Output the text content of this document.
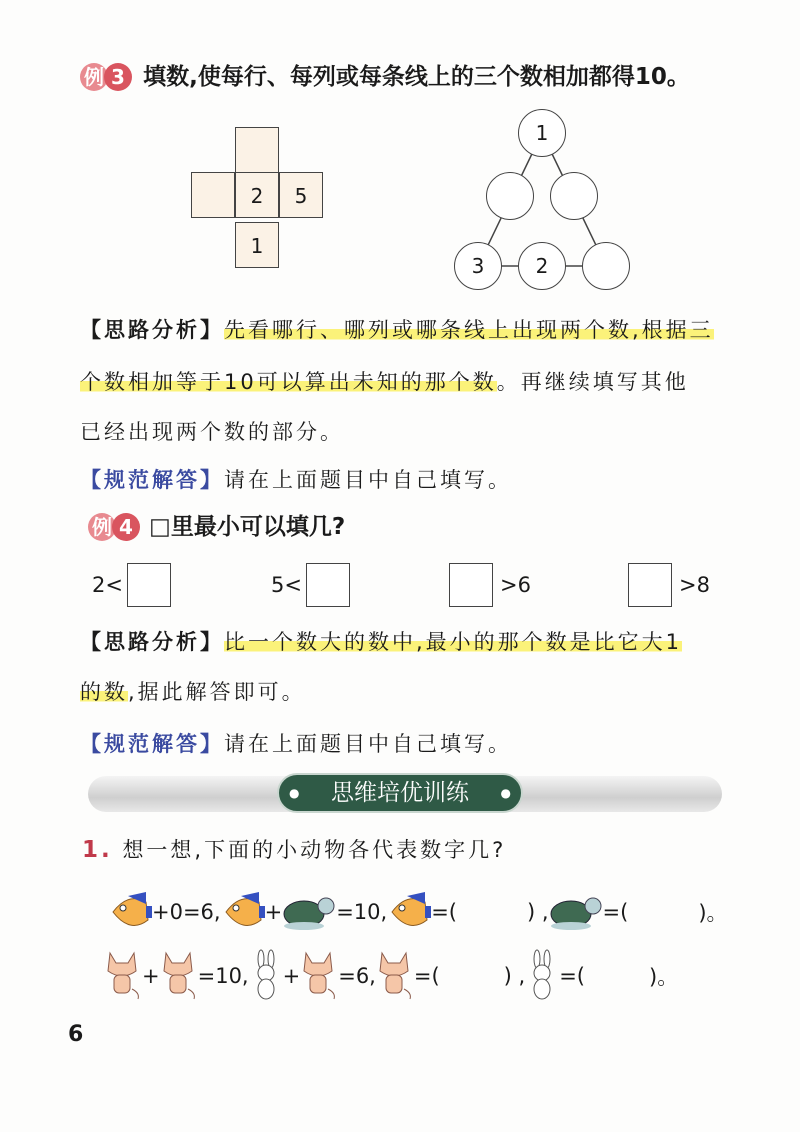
例 3 填数,使每行、每列或每条线上的三个数相加都得10。
2	5
1
1
3	2
【思路分析】先看哪行、哪列或哪条线上出现两个数,根据三
个数相加等于10可以算出未知的那个数。再继续填写其他
已经出现两个数的部分。
【规范解答】请在上面题目中自己填写。
例 4 □里最小可以填几?
2<	5<	>6	>8
【思路分析】比一个数大的数中,最小的那个数是比它大1
的数,据此解答即可。
【规范解答】请在上面题目中自己填写。
● 思维培优训练	●
1. 想一想,下面的小动物各代表数字几?
+0=6, +	=10, =(	) ,	=(	)。
+ =10, + =6, =(	) , =(	)。
6
